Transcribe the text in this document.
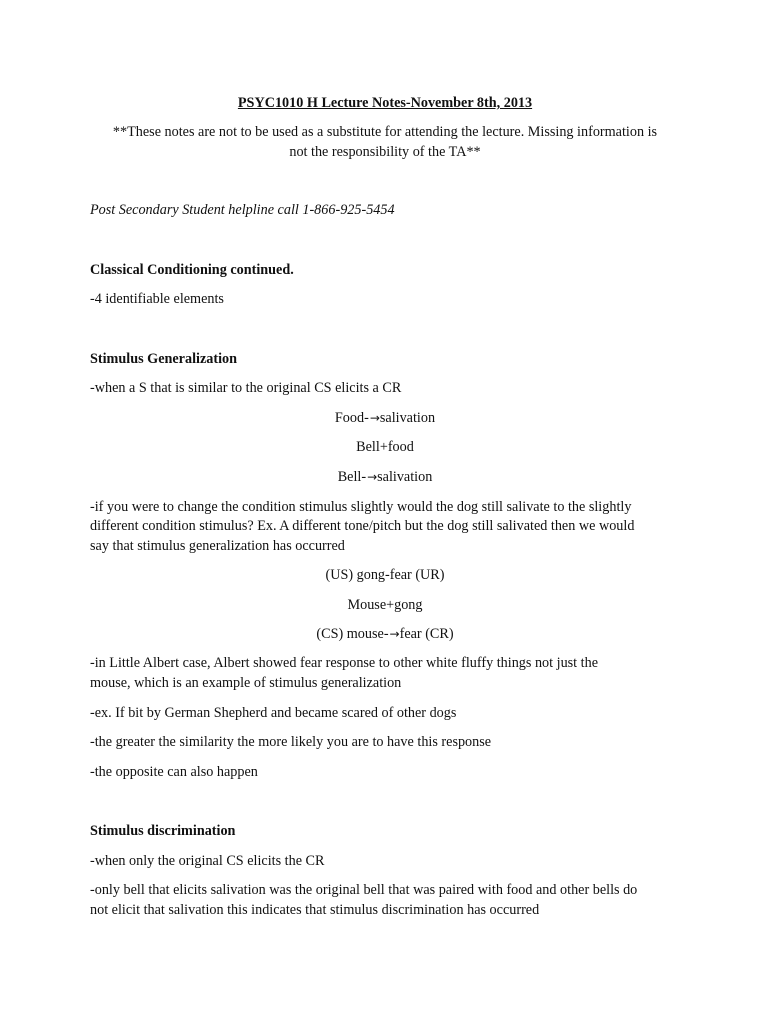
PSYC1010 H Lecture Notes-November 8th, 2013
**These notes are not to be used as a substitute for attending the lecture. Missing information is
not the responsibility of the TA**
Post Secondary Student helpline call 1-866-925-5454
Classical Conditioning continued.
-4 identifiable elements
Stimulus Generalization
-when a S that is similar to the original CS elicits a CR
Food-→salivation
Bell+food
Bell-→salivation
-if you were to change the condition stimulus slightly would the dog still salivate to the slightly
different condition stimulus? Ex. A different tone/pitch but the dog still salivated then we would
say that stimulus generalization has occurred
(US) gong-fear (UR)
Mouse+gong
(CS) mouse-→fear (CR)
-in Little Albert case, Albert showed fear response to other white fluffy things not just the
mouse, which is an example of stimulus generalization
-ex. If bit by German Shepherd and became scared of other dogs
-the greater the similarity the more likely you are to have this response
-the opposite can also happen
Stimulus discrimination
-when only the original CS elicits the CR
-only bell that elicits salivation was the original bell that was paired with food and other bells do
not elicit that salivation this indicates that stimulus discrimination has occurred
